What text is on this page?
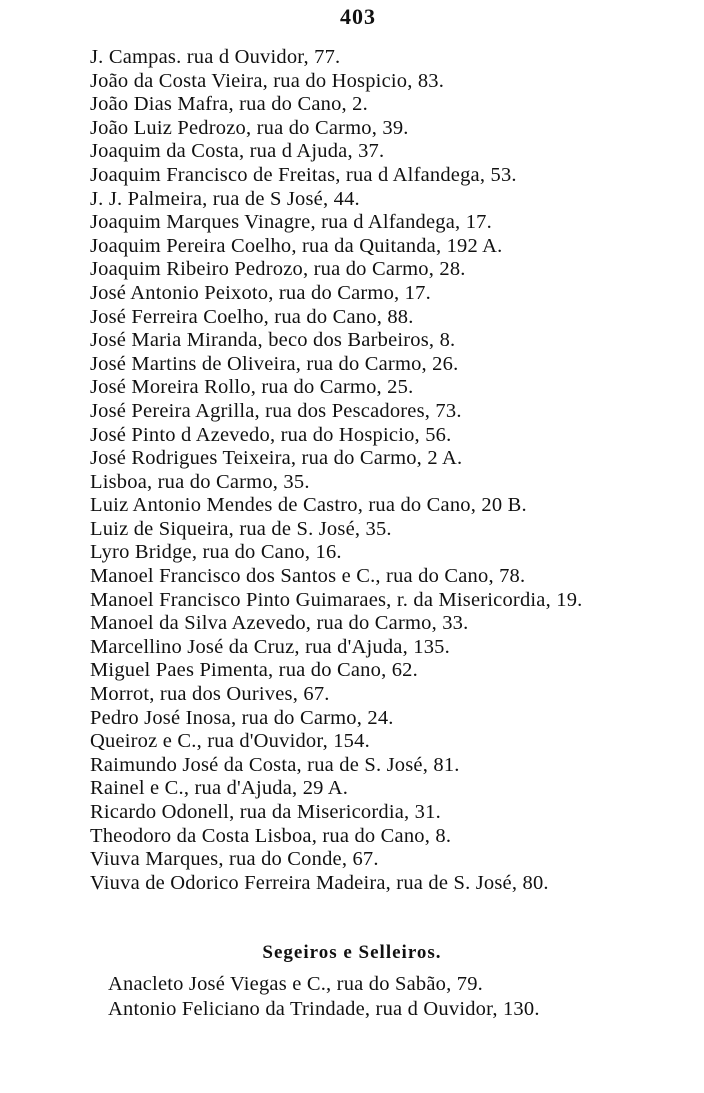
403
J. Campas. rua d Ouvidor, 77.
João da Costa Vieira, rua do Hospicio, 83.
João Dias Mafra, rua do Cano, 2.
João Luiz Pedrozo, rua do Carmo, 39.
Joaquim da Costa, rua d Ajuda, 37.
Joaquim Francisco de Freitas, rua d Alfandega, 53.
J. J. Palmeira, rua de S José, 44.
Joaquim Marques Vinagre, rua d Alfandega, 17.
Joaquim Pereira Coelho, rua da Quitanda, 192 A.
Joaquim Ribeiro Pedrozo, rua do Carmo, 28.
José Antonio Peixoto, rua do Carmo, 17.
José Ferreira Coelho, rua do Cano, 88.
José Maria Miranda, beco dos Barbeiros, 8.
José Martins de Oliveira, rua do Carmo, 26.
José Moreira Rollo, rua do Carmo, 25.
José Pereira Agrilla, rua dos Pescadores, 73.
José Pinto d Azevedo, rua do Hospicio, 56.
José Rodrigues Teixeira, rua do Carmo, 2 A.
Lisboa, rua do Carmo, 35.
Luiz Antonio Mendes de Castro, rua do Cano, 20 B.
Luiz de Siqueira, rua de S. José, 35.
Lyro Bridge, rua do Cano, 16.
Manoel Francisco dos Santos e C., rua do Cano, 78.
Manoel Francisco Pinto Guimaraes, r. da Misericordia, 19.
Manoel da Silva Azevedo, rua do Carmo, 33.
Marcellino José da Cruz, rua d'Ajuda, 135.
Miguel Paes Pimenta, rua do Cano, 62.
Morrot, rua dos Ourives, 67.
Pedro José Inosa, rua do Carmo, 24.
Queiroz e C., rua d'Ouvidor, 154.
Raimundo José da Costa, rua de S. José, 81.
Rainel e C., rua d'Ajuda, 29 A.
Ricardo Odonell, rua da Misericordia, 31.
Theodoro da Costa Lisboa, rua do Cano, 8.
Viuva Marques, rua do Conde, 67.
Viuva de Odorico Ferreira Madeira, rua de S. José, 80.
Segeiros e Selleiros.
Anacleto José Viegas e C., rua do Sabão, 79.
Antonio Feliciano da Trindade, rua d Ouvidor, 130.
